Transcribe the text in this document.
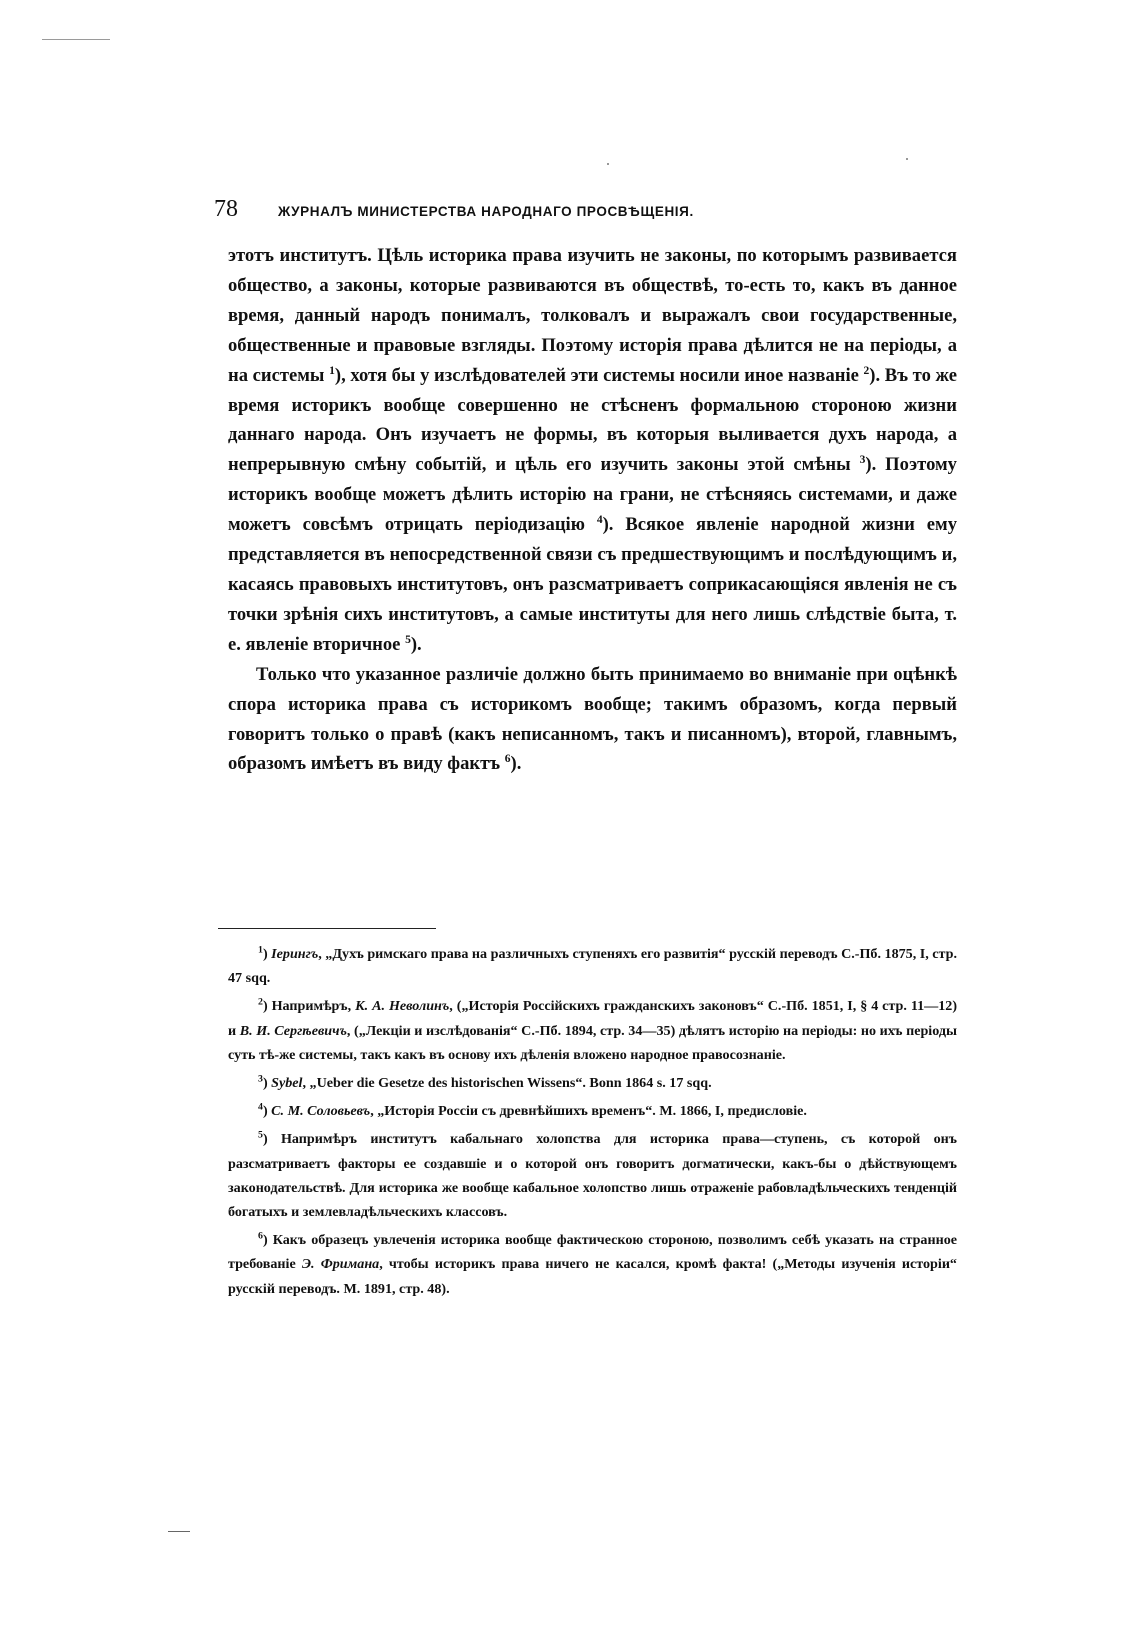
78	ЖУРНАЛЪ МИНИСТЕРСТВА НАРОДНАГО ПРОСВѢЩЕНІЯ.

этотъ институтъ. Цѣль историка права изучить не законы, по которымъ развивается общество, а законы, которые развиваются въ обществѣ, то-есть то, какъ въ данное время, данный народъ понималъ, толковалъ и выражалъ свои государственные, общественные и правовые взгляды. Поэтому исторія права дѣлится не на періоды, а на системы $^1$), хотя бы у изслѣдователей эти системы носили иное названіе $^2$). Въ то же время историкъ вообще совершенно не стѣсненъ формальною стороною жизни даннаго народа. Онъ изучаетъ не формы, въ которыя выливается духъ народа, а непрерывную смѣну событій, и цѣль его изучить законы этой смѣны $^3$). Поэтому историкъ вообще можетъ дѣлить исторію на грани, не стѣсняясь системами, и даже можетъ совсѣмъ отрицать періодизацію $^4$). Всякое явленіе народной жизни ему представляется въ непосредственной связи съ предшествующимъ и послѣдующимъ и, касаясь правовыхъ институтовъ, онъ разсматриваетъ соприкасающіяся явленія не съ точки зрѣнія сихъ институтовъ, а самые институты для него лишь слѣдствіе быта, т. е. явленіе вторичное $^5$).

Только что указанное различіе должно быть принимаемо во вниманіе при оцѣнкѣ спора историка права съ историкомъ вообще; такимъ образомъ, когда первый говоритъ только о правѣ (какъ неписанномъ, такъ и писанномъ), второй, главнымъ, образомъ имѣетъ въ виду фактъ $^6$).

$^1$) Іерингъ, „Духъ римскаго права на различныхъ ступеняхъ его развитія“ русскій переводъ С.-Пб. 1875, I, стр. 47 sqq.

$^2$) Напримѣръ, К. А. Неволинъ, („Исторія Россійскихъ гражданскихъ законовъ“ С.-Пб. 1851, I, § 4 стр. 11—12) и В. И. Сергѣевичъ, („Лекціи и изслѣдованія“ С.-Пб. 1894, стр. 34—35) дѣлятъ исторію на періоды: но ихъ періоды суть тѣ-же системы, такъ какъ въ основу ихъ дѣленія вложено народное правосознаніе.

$^3$) Sybel, „Ueber die Gesetze des historischen Wissens“. Bonn 1864 s. 17 sqq.

$^4$) С. М. Соловьевъ, „Исторія Россіи съ древнѣйшихъ временъ“. М. 1866, I, предисловіе.

$^5$) Напримѣръ институтъ кабальнаго холопства для историка права—ступень, съ которой онъ разсматриваетъ факторы ее создавшіе и о которой онъ говоритъ догматически, какъ-бы о дѣйствующемъ законодательствѣ. Для историка же вообще кабальное холопство лишь отраженіе рабовладѣльческихъ тенденцій богатыхъ и землевладѣльческихъ классовъ.

$^6$) Какъ образецъ увлеченія историка вообще фактическою стороною, позволимъ себѣ указать на странное требованіе Э. Фримана, чтобы историкъ права ничего не касался, кромѣ факта! („Методы изученія исторіи“ русскій переводъ. М. 1891, стр. 48).
